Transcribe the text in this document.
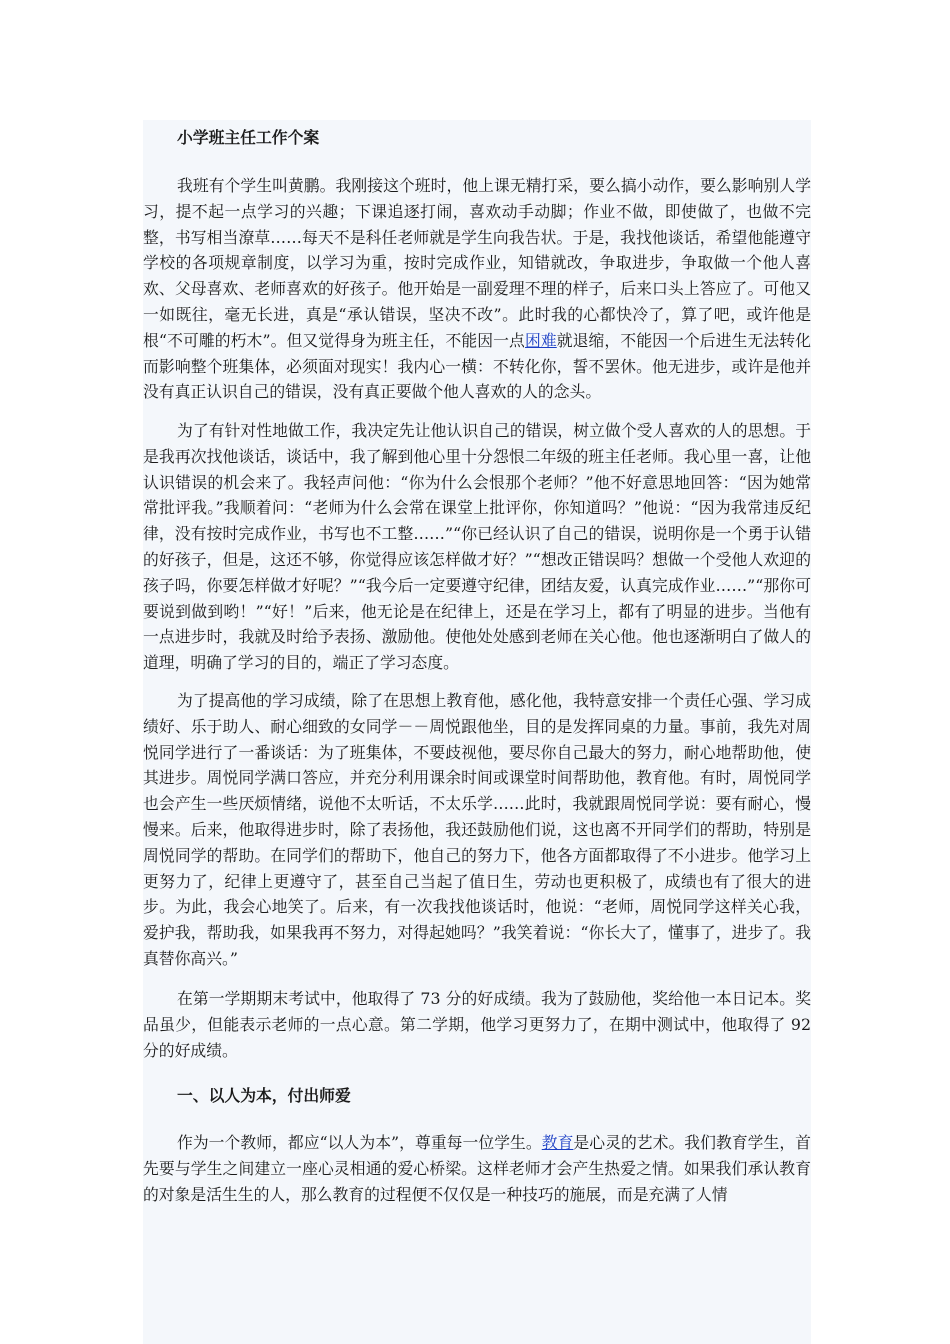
小学班主任工作个案

我班有个学生叫黄鹏。我刚接这个班时，他上课无精打采，要么搞小动作，要么影响别人学习，提不起一点学习的兴趣；下课追逐打闹，喜欢动手动脚；作业不做，即使做了，也做不完整，书写相当潦草……每天不是科任老师就是学生向我告状。于是，我找他谈话，希望他能遵守学校的各项规章制度，以学习为重，按时完成作业，知错就改，争取进步，争取做一个他人喜欢、父母喜欢、老师喜欢的好孩子。他开始是一副爱理不理的样子，后来口头上答应了。可他又一如既往，毫无长进，真是“承认错误，坚决不改”。此时我的心都快冷了，算了吧，或许他是根“不可雕的朽木”。但又觉得身为班主任，不能因一点困难就退缩，不能因一个后进生无法转化而影响整个班集体，必须面对现实！我内心一横：不转化你，誓不罢休。他无进步，或许是他并没有真正认识自己的错误，没有真正要做个他人喜欢的人的念头。

为了有针对性地做工作，我决定先让他认识自己的错误，树立做个受人喜欢的人的思想。于是我再次找他谈话，谈话中，我了解到他心里十分怨恨二年级的班主任老师。我心里一喜，让他认识错误的机会来了。我轻声问他：“你为什么会恨那个老师？”他不好意思地回答：“因为她常常批评我。”我顺着问：“老师为什么会常在课堂上批评你，你知道吗？”他说：“因为我常违反纪律，没有按时完成作业，书写也不工整……”“你已经认识了自己的错误，说明你是一个勇于认错的好孩子，但是，这还不够，你觉得应该怎样做才好？”“想改正错误吗？想做一个受他人欢迎的孩子吗，你要怎样做才好呢？”“我今后一定要遵守纪律，团结友爱，认真完成作业……”“那你可要说到做到哟！”“好！”后来，他无论是在纪律上，还是在学习上，都有了明显的进步。当他有一点进步时，我就及时给予表扬、激励他。使他处处感到老师在关心他。他也逐渐明白了做人的道理，明确了学习的目的，端正了学习态度。

为了提高他的学习成绩，除了在思想上教育他，感化他，我特意安排一个责任心强、学习成绩好、乐于助人、耐心细致的女同学－－周悦跟他坐，目的是发挥同桌的力量。事前，我先对周悦同学进行了一番谈话：为了班集体，不要歧视他，要尽你自己最大的努力，耐心地帮助他，使其进步。周悦同学满口答应，并充分利用课余时间或课堂时间帮助他，教育他。有时，周悦同学也会产生一些厌烦情绪，说他不太听话，不太乐学……此时，我就跟周悦同学说：要有耐心，慢慢来。后来，他取得进步时，除了表扬他，我还鼓励他们说，这也离不开同学们的帮助，特别是周悦同学的帮助。在同学们的帮助下，他自己的努力下，他各方面都取得了不小进步。他学习上更努力了，纪律上更遵守了，甚至自己当起了值日生，劳动也更积极了，成绩也有了很大的进步。为此，我会心地笑了。后来，有一次我找他谈话时，他说：“老师，周悦同学这样关心我，爱护我，帮助我，如果我再不努力，对得起她吗？”我笑着说：“你长大了，懂事了，进步了。我真替你高兴。”

在第一学期期末考试中，他取得了 73 分的好成绩。我为了鼓励他，奖给他一本日记本。奖品虽少，但能表示老师的一点心意。第二学期，他学习更努力了，在期中测试中，他取得了 92 分的好成绩。

一、以人为本，付出师爱

作为一个教师，都应“以人为本”，尊重每一位学生。教育是心灵的艺术。我们教育学生，首先要与学生之间建立一座心灵相通的爱心桥梁。这样老师才会产生热爱之情。如果我们承认教育的对象是活生生的人，那么教育的过程便不仅仅是一种技巧的施展，而是充满了人情
